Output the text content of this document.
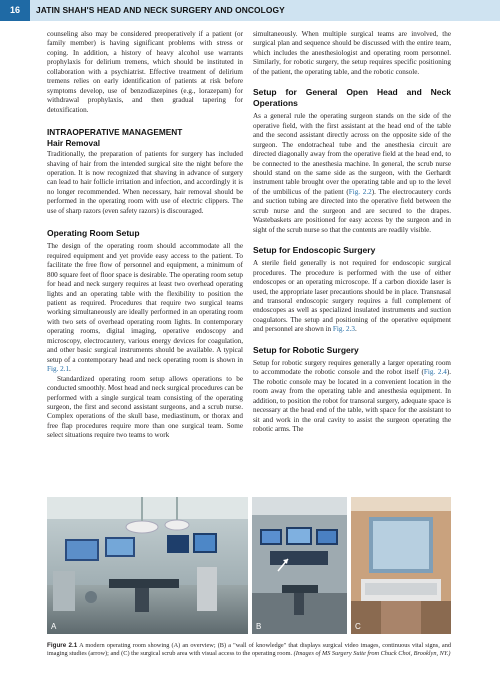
16	JATIN SHAH'S HEAD AND NECK SURGERY AND ONCOLOGY

counseling also may be considered preoperatively if a patient (or family member) is having significant problems with stress or coping. In addition, a history of heavy alcohol use warrants prophylaxis for delirium tremens, which should be instituted in collaboration with a psychiatrist. Effective treatment of delirium tremens relies on early identification of patients at risk before symptoms develop, use of benzodiazepines (e.g., lorazepam) for withdrawal prophylaxis, and then gradual tapering for detoxification.

INTRAOPERATIVE MANAGEMENT
Hair Removal

Traditionally, the preparation of patients for surgery has included shaving of hair from the intended surgical site the night before the operation. It is now recognized that shaving in advance of surgery can lead to hair follicle irritation and infection, and accordingly it is no longer recommended. When necessary, hair removal should be performed in the operating room with use of electric clippers. The use of sharp razors (even safety razors) is discouraged.

Operating Room Setup

The design of the operating room should accommodate all the required equipment and yet provide easy access to the patient. To facilitate the free flow of personnel and equipment, a minimum of 800 square feet of floor space is desirable. The operating room setup for head and neck surgery requires at least two overhead operating lights and an operating table with the flexibility to position the patient as required. Procedures that require two surgical teams working simultaneously are ideally performed in an operating room with two sets of overhead operating room lights. In contemporary operating rooms, digital imaging, operative endoscopy and microscopy, electrocautery, various energy devices for coagulation, and other basic surgical instruments should be available. A typical setup of a contemporary head and neck operating room is shown in Fig. 2.1.

Standardized operating room setup allows operations to be conducted smoothly. Most head and neck surgical procedures can be performed with a single surgical team consisting of the operating surgeon, the first and second assistant surgeons, and a scrub nurse. Complex operations of the skull base, mediastinum, or thorax and free flap procedures require more than one surgical team. Some select situations require two teams to work

simultaneously. When multiple surgical teams are involved, the surgical plan and sequence should be discussed with the entire team, which includes the anesthesiologist and operating room personnel. Similarly, for robotic surgery, the setup requires specific positioning of the patient, the operating table, and the robotic console.

Setup for General Open Head and Neck Operations

As a general rule the operating surgeon stands on the side of the operative field, with the first assistant at the head end of the table and the second assistant directly across on the opposite side of the surgeon. The endotracheal tube and the anesthesia circuit are directed diagonally away from the operative field at the head end, to be connected to the anesthesia machine. In general, the scrub nurse should stand on the same side as the surgeon, with the Gerhardt instrument table brought over the operating table and up to the level of the umbilicus of the patient (Fig. 2.2). The electrocautery cords and suction tubing are directed into the operative field between the scrub nurse and the surgeon and are secured to the drapes. Wastebaskets are positioned for easy access by the surgeon and in sight of the scrub nurse so that the contents are readily visible.

Setup for Endoscopic Surgery

A sterile field generally is not required for endoscopic surgical procedures. The procedure is performed with the use of either endoscopes or an operating microscope. If a carbon dioxide laser is used, the appropriate laser precautions should be in place. Transnasal and transoral endoscopic surgery requires a full complement of endoscopes as well as specialized insulated instruments and suction coagulators. The setup and positioning of the operative equipment and personnel are shown in Fig. 2.3.

Setup for Robotic Surgery

Setup for robotic surgery requires generally a larger operating room to accommodate the robotic console and the robot itself (Fig. 2.4). The robotic console may be located in a convenient location in the room away from the operating table and anesthesia equipment. In addition, to position the robot for transoral surgery, adequate space is necessary at the head end of the table, with space for the assistant to sit and work in the oral cavity to assist the surgeon operating the robotic arms. The

A	B	C
Figure 2.1 A modern operating room showing (A) an overview; (B) a "wall of knowledge" that displays surgical video images, continuous vital signs, and imaging studies (arrow); and (C) the surgical scrub area with visual access to the operating room. (Images of MS Surgery Suite from Chuck Choi, Brooklyn, NY.)
